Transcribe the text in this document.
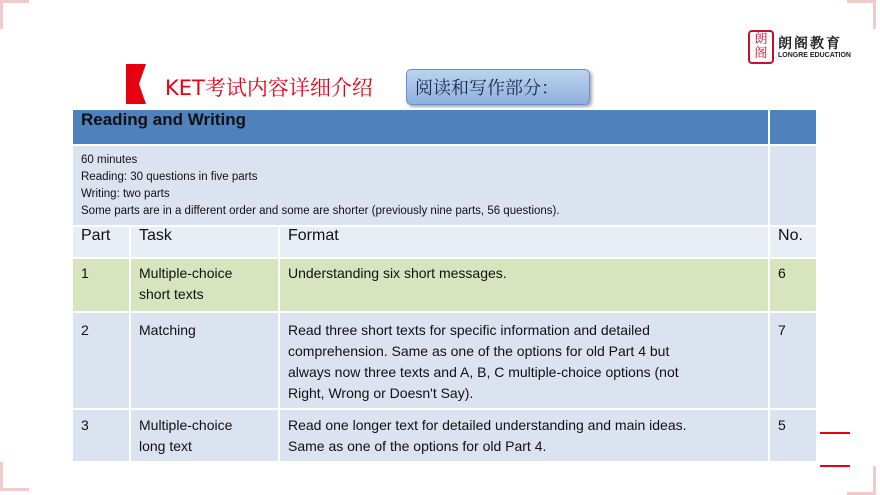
朗阁
朗阁教育
LONGRE EDUCATION
KET考试内容详细介绍	阅读和写作部分：
Reading and Writing			

60 minutes
Reading: 30 questions in five parts
Writing: two parts
Some parts are in a different order and some are shorter (previously nine parts, 56 questions).			

Part	Task	Format	No.
1	Multiple-choice
short texts	Understanding six short messages.	6
2	Matching	Read three short texts for specific information and detailed
comprehension. Same as one of the options for old Part 4 but
always now three texts and A, B, C multiple-choice options (not
Right, Wrong or Doesn't Say).	7
3	Multiple-choice
long text	Read one longer text for detailed understanding and main ideas.
Same as one of the options for old Part 4.	5
